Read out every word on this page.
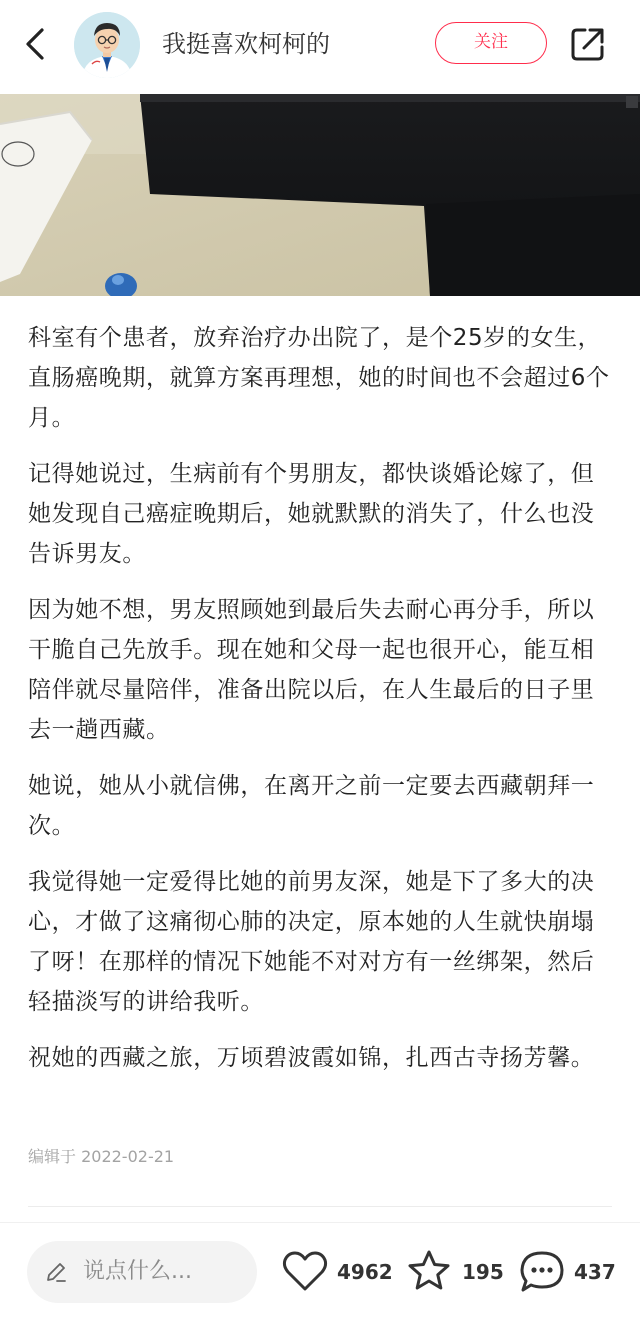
我挺喜欢柯柯的	关注

科室有个患者，放弃治疗办出院了，是个25岁的女生，直肠癌晚期，就算方案再理想，她的时间也不会超过6个月。

记得她说过，生病前有个男朋友，都快谈婚论嫁了，但她发现自己癌症晚期后，她就默默的消失了，什么也没告诉男友。

因为她不想，男友照顾她到最后失去耐心再分手，所以干脆自己先放手。现在她和父母一起也很开心，能互相陪伴就尽量陪伴，准备出院以后，在人生最后的日子里去一趟西藏。

她说，她从小就信佛，在离开之前一定要去西藏朝拜一次。

我觉得她一定爱得比她的前男友深，她是下了多大的决心，才做了这痛彻心肺的决定，原本她的人生就快崩塌了呀！在那样的情况下她能不对对方有一丝绑架，然后轻描淡写的讲给我听。

祝她的西藏之旅，万顷碧波霞如锦，扎西古寺扬芳馨。

编辑于 2022-02-21
说点什么...	4962	195	437
